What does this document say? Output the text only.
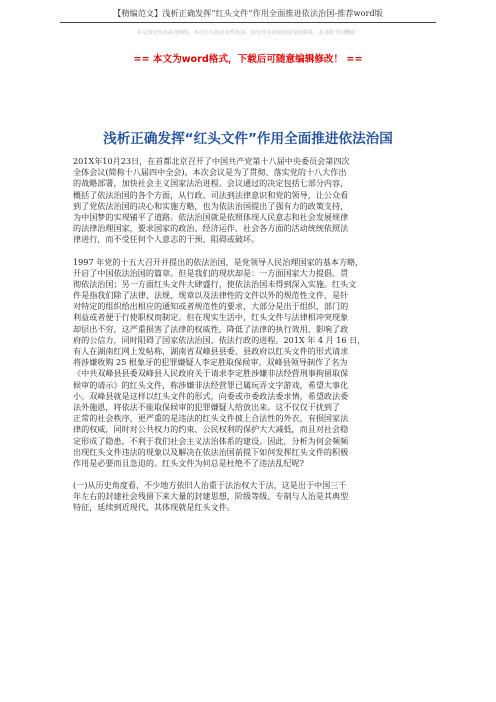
【精编范文】浅析正确发挥“红头文件”作用全面推进依法治国-推荐word版
本文部分内容来自网络，本司不为其真实性负责，如有异议或侵权请及时联系，本司将予以删除！
== 本文为word格式，下载后可随意编辑修改！ ==
浅析正确发挥“红头文件”作用全面推进依法治国
201X年10月23日，在首都北京召开了中国共产党第十八届中央委员会第四次
全体会议(简称十八届四中全会)。本次会议是为了贯彻、落实党的十八大作出
的战略部署，加快社会主义国家法治进程。会议通过的决定包括七部分内容，
概括了依法治国的各个方面，从行政、司法到法律意识和党的领导，让公众看
到了党依法治国的决心和实施方略，也为依法治国提出了强有力的政策支持，
为中国梦的实现铺平了道路。依法治国就是依照体现人民意志和社会发展规律
的法律治理国家，要求国家的政治、经济运作、社会各方面的活动统统依照法
律进行，而不受任何个人意志的干预、阻碍或破坏。
1997 年党的十五大召开并提出的依法治国，是党领导人民治理国家的基本方略，
开启了中国依法治国的篇章。但是我们的现状却是：一方面国家大力提倡、贯
彻依法治国；另一方面红头文件大肆盛行，使依法治国未得到深入实施。红头文
件是指我们除了法律、法规、规章以及法律性的文件以外的规范性文件，是针
对特定的组织给出相应的通知或者规范性的要求，大部分是出于组织、部门的
利益或者便于行使职权而制定。但在现实生活中，红头文件与法律相冲突现象
却层出不穷，这严重损害了法律的权威性，降低了法律的执行效用，影响了政
府的公信力，同时阻碍了国家依法治国、依法行政的进程。201X 年 4 月 16 日，
有人在湖南红网上发帖称，湖南省双峰县县委、县政府以红头文件的形式请求
将涉嫌收购 25 根象牙的犯罪嫌疑人李定胜取保候审。双峰县领导制作了名为
《中共双峰县县委双峰县人民政府关于请求李定胜涉嫌非法经营刑事拘留取保
候审的请示》的红头文件，称涉嫌非法经营罪已属玩弄文字游戏，希望大事化
小。双峰县就是这样以红头文件的形式，向委或市委政法委求情，希望政法委
法外施恩，将依法不能取保候审的犯罪嫌疑人给放出来。这不仅仅干扰到了
正常的社会秩序，更严重的是违法的红头文件披上合法性的外衣，有损国家法
律的权威，同时对公共权力的约束、公民权利的保护大大减低，而且对社会稳
定形成了隐患，不利于我们社会主义法治体系的建设。因此，分析为何会频频
出现红头文件违法的现象以及解决在依法治国前提下如何发挥红头文件的积极
作用是必要而且急迫的。红头文件为何总是杜绝不了违法乱纪呢?
(一)从历史角度看，不少地方依旧人治重于法治权大于法，这是出于中国三千
年左右的封建社会残留下来大量的封建思想，阶级等级、专制与人治是其典型
特征，延续到近现代，其体现就是红头文件。
